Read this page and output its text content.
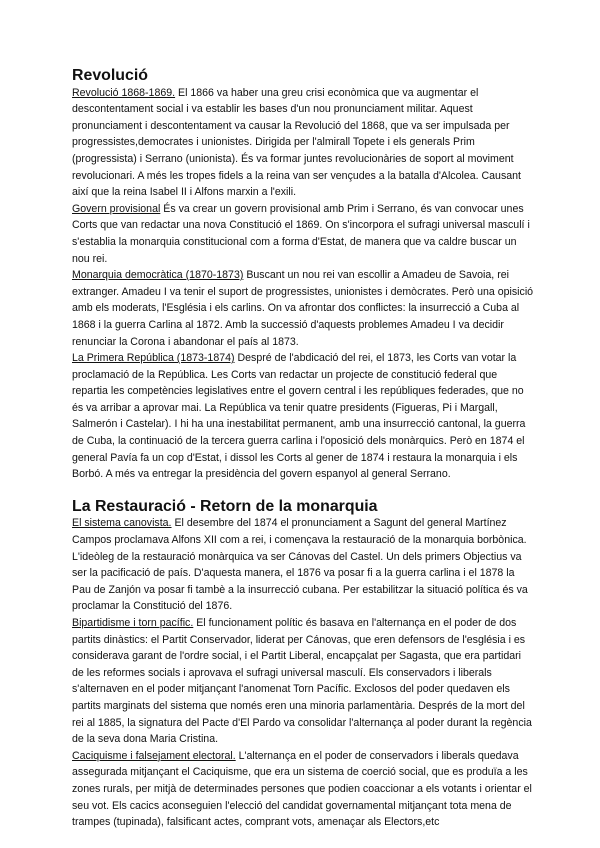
Revolució

Revolució 1868-1869. El 1866 va haber una greu crisi econòmica que va augmentar el descontentament social i va establir les bases d'un nou pronunciament militar. Aquest pronunciament i descontentament va causar la Revolució del 1868, que va ser impulsada per progressistes,democrates i unionistes. Dirigida per l'almirall Topete i els generals Prim (progressista) i Serrano (unionista). És va formar juntes revolucionàries de soport al moviment revolucionari. A més les tropes fidels a la reina van ser vençudes a la batalla d'Alcolea. Causant així que la reina Isabel II i Alfons marxin a l'exili.

Govern provisional És va crear un govern provisional amb Prim i Serrano, és van convocar unes Corts que van redactar una nova Constitució el 1869. On s'incorpora el sufragi universal masculí i s'establia la monarquia constitucional com a forma d'Estat, de manera que va caldre buscar un nou rei.

Monarquia democràtica (1870-1873) Buscant un nou rei van escollir a Amadeu de Savoia, rei extranger. Amadeu I va tenir el suport de progressistes, unionistes i demòcrates. Però una opisició amb els moderats, l'Església i els carlins. On va afrontar dos conflictes: la insurrecció a Cuba al 1868 i la guerra Carlina al 1872. Amb la successió d'aquests problemes Amadeu I va decidir renunciar la Corona i abandonar el país al 1873.

La Primera República (1873-1874) Despré de l'abdicació del rei, el 1873, les Corts van votar la proclamació de la República. Les Corts van redactar un projecte de constitució federal que repartia les competències legislatives entre el govern central i les repúbliques federades, que no és va arribar a aprovar mai. La República va tenir quatre presidents (Figueras, Pi i Margall, Salmerón i Castelar). I hi ha una inestabilitat permanent, amb una insurrecció cantonal, la guerra de Cuba, la continuació de la tercera guerra carlina i l'oposició dels monàrquics. Però en 1874 el general Pavía fa un cop d'Estat, i dissol les Corts al gener de 1874 i restaura la monarquia i els Borbó. A més va entregar la presidència del govern espanyol al general Serrano.

La Restauració - Retorn de la monarquia

El sistema canovista. El desembre del 1874 el pronunciament a Sagunt del general Martínez Campos proclamava Alfons XII com a rei, i començava la restauració de la monarquia borbònica. L'ideòleg de la restauració monàrquica va ser Cánovas del Castel. Un dels primers Objectius va ser la pacificació de país. D'aquesta manera, el 1876 va posar fi a la guerra carlina i el 1878 la Pau de Zanjón va posar fi tambè a la insurrecció cubana. Per estabilitzar la situació política és va proclamar la Constitució del 1876.

Bipartidisme i torn pacífic. El funcionament polític és basava en l'alternança en el poder de dos partits dinàstics: el Partit Conservador, liderat per Cánovas, que eren defensors de l'església i es considerava garant de l'ordre social, i el Partit Liberal, encapçalat per Sagasta, que era partidari de les reformes socials i aprovava el sufragi universal masculí. Els conservadors i liberals s'alternaven en el poder mitjançant l'anomenat Torn Pacífic. Exclosos del poder quedaven els partits marginats del sistema que només eren una minoria parlamentària. Després de la mort del rei al 1885, la signatura del Pacte d'El Pardo va consolidar l'alternança al poder durant la regència de la seva dona Maria Cristina.

Caciquisme i falsejament electoral. L'alternança en el poder de conservadors i liberals quedava assegurada mitjançant el Caciquisme, que era un sistema de coerció social, que es produïa a les zones rurals, per mitjà de determinades persones que podien coaccionar a els votants i orientar el seu vot. Els cacics aconseguien l'elecció del candidat governamental mitjançant tota mena de trampes (tupinada), falsificant actes, comprant vots, amenaçar als Electors,etc
